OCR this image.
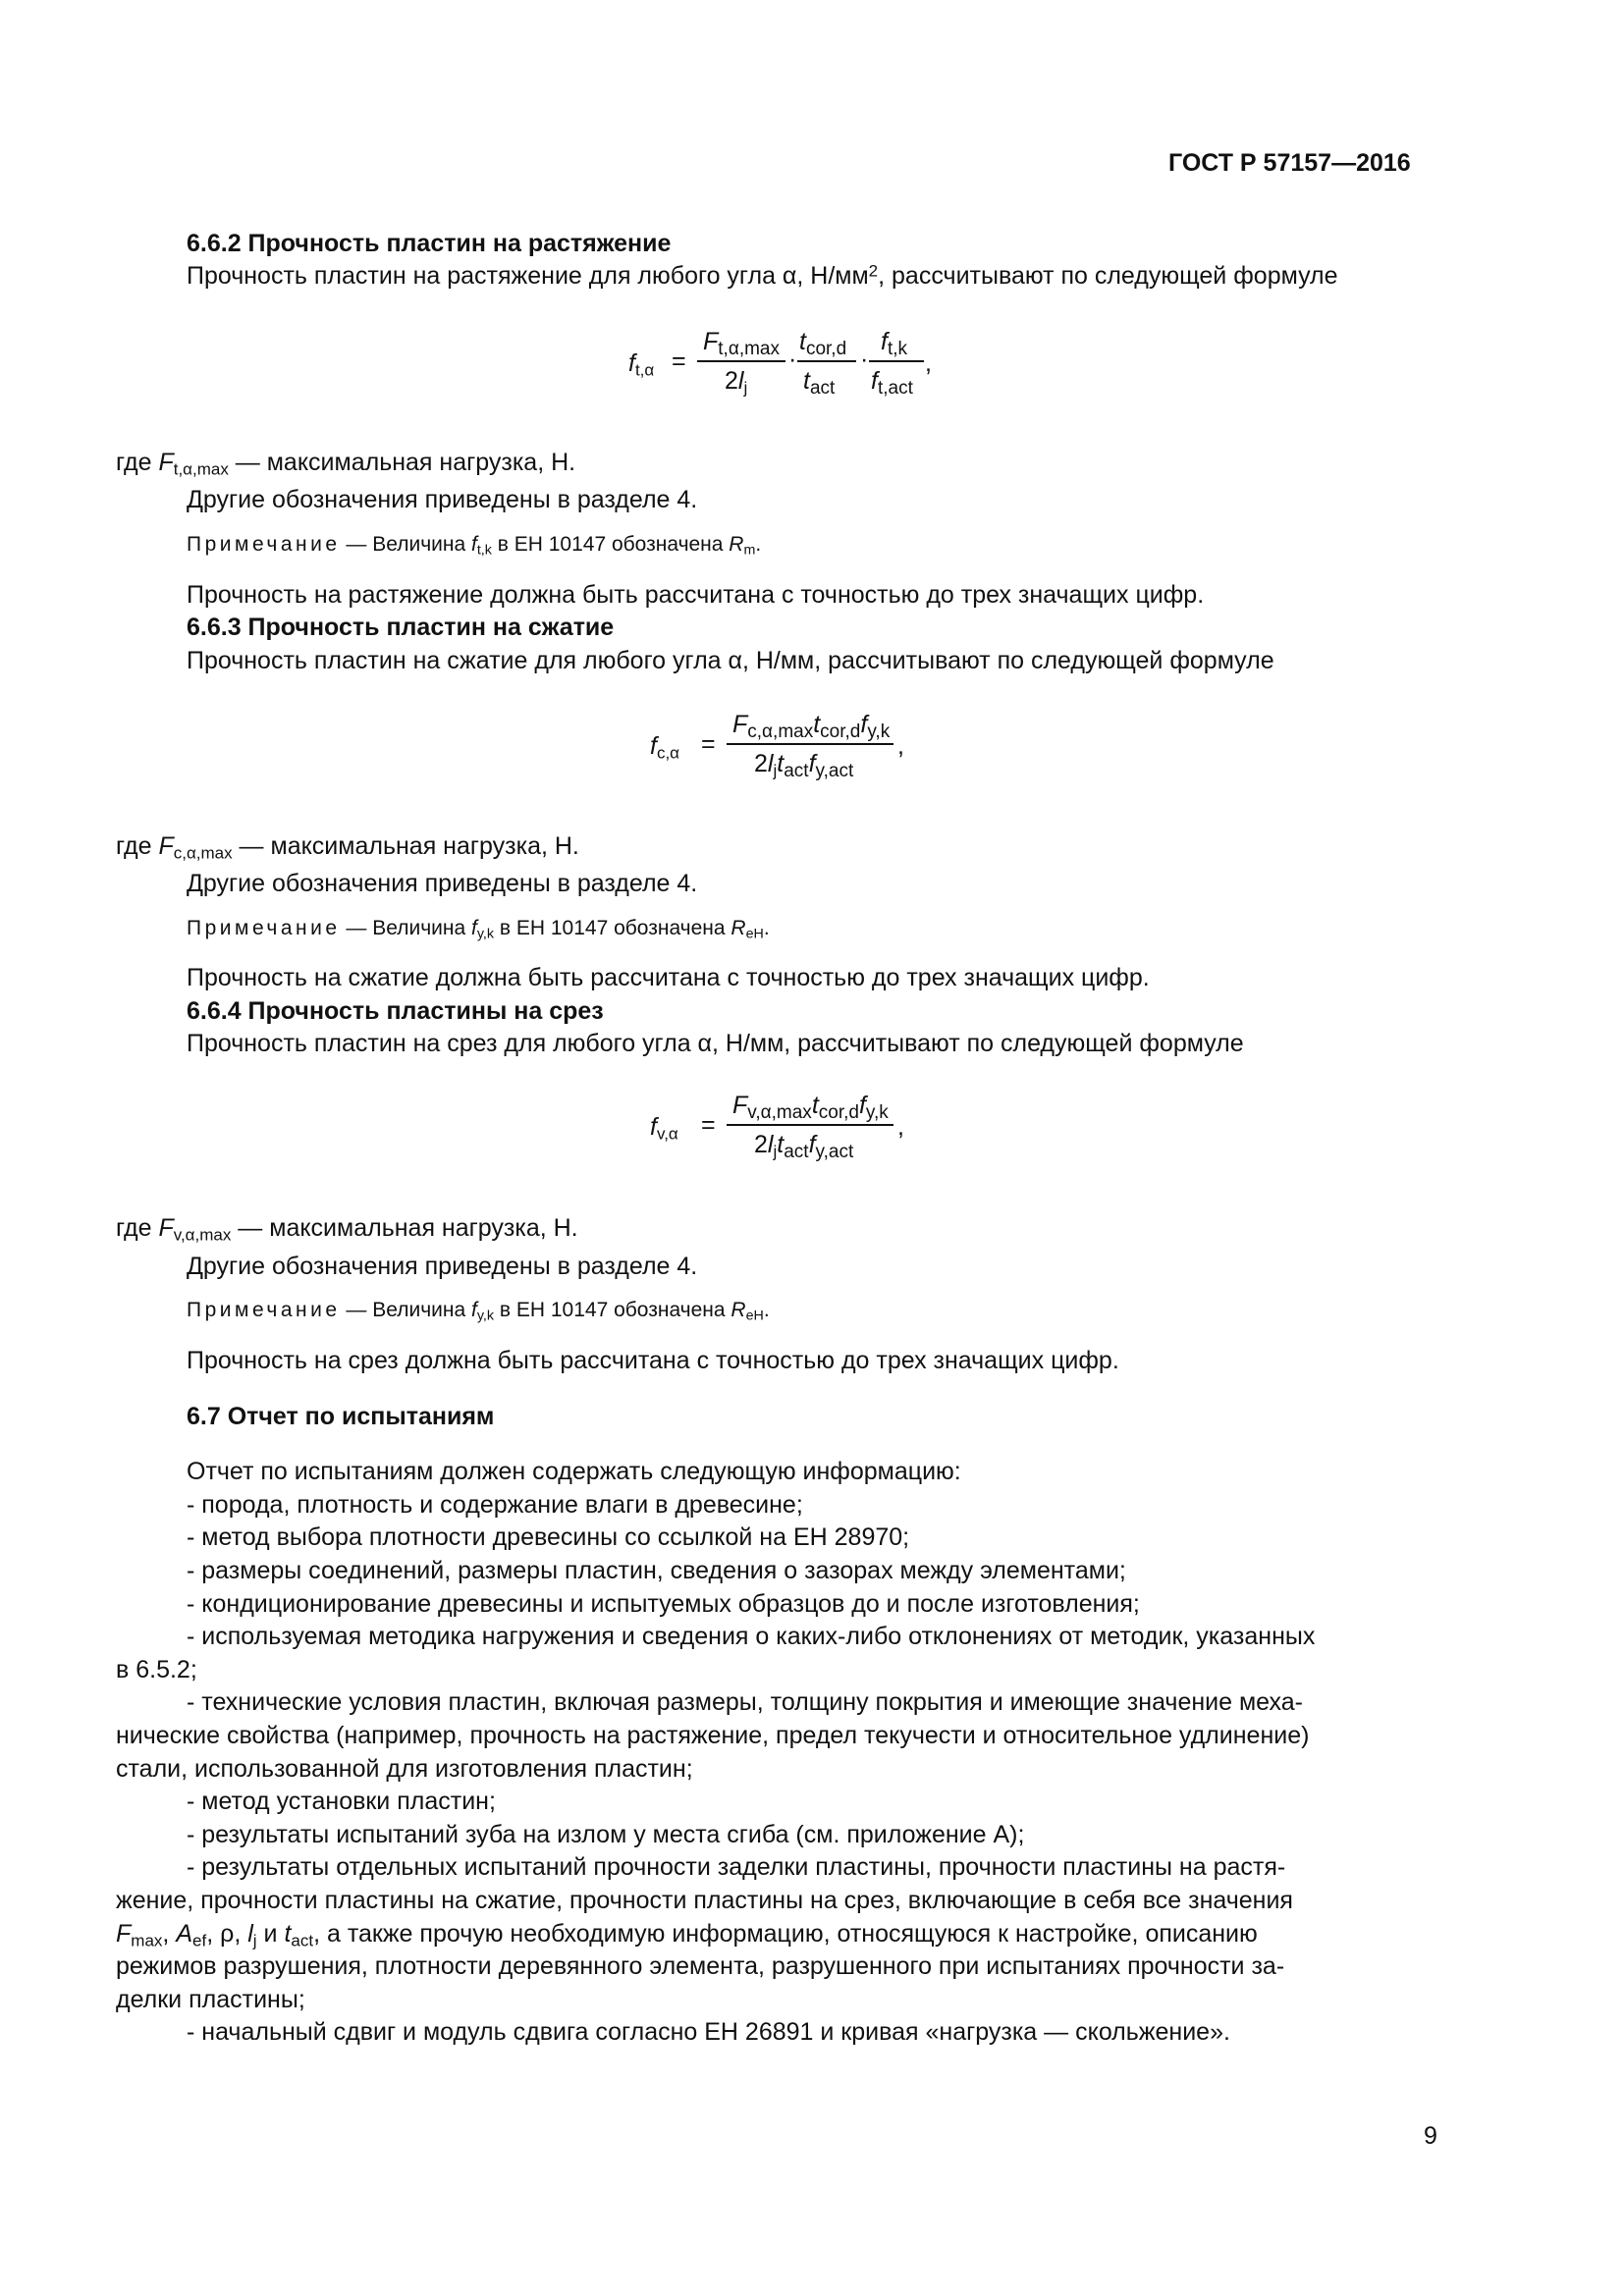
ГОСТ Р 57157—2016
6.6.2 Прочность пластин на растяжение
Прочность пластин на растяжение для любого угла α, $Н/мм^2$, рассчитывают по следующей формуле
$f_{t,\alpha}$ =
$F_{t,\alpha,max}$
$2l_j$
·
$t_{cor,d}$
$t_{act}$
·
$f_{t,k}$
$f_{t,act}$
,
где $F_{t,\alpha,max}$ — максимальная нагрузка, Н.
Другие обозначения приведены в разделе 4.
Примечание — Величина $f_{t,k}$ в ЕН 10147 обозначена $R_m$.
Прочность на растяжение должна быть рассчитана с точностью до трех значащих цифр.
6.6.3 Прочность пластин на сжатие
Прочность пластин на сжатие для любого угла α, Н/мм, рассчитывают по следующей формуле
$f_{c,\alpha}$ =
$F_{c,\alpha,max}t_{cor,d}f_{y,k}$
$2l_jt_{act}f_{y,act}$
,
где $F_{c,\alpha,max}$ — максимальная нагрузка, Н.
Другие обозначения приведены в разделе 4.
Примечание — Величина $f_{y,k}$ в ЕН 10147 обозначена $R_{eH}$.
Прочность на сжатие должна быть рассчитана с точностью до трех значащих цифр.
6.6.4 Прочность пластины на срез
Прочность пластин на срез для любого угла α, Н/мм, рассчитывают по следующей формуле
$f_{v,\alpha}$ =
$F_{v,\alpha,max}t_{cor,d}f_{y,k}$
$2l_jt_{act}f_{y,act}$
,
где $F_{v,\alpha,max}$ — максимальная нагрузка, Н.
Другие обозначения приведены в разделе 4.
Примечание — Величина $f_{y,k}$ в ЕН 10147 обозначена $R_{eH}$.
Прочность на срез должна быть рассчитана с точностью до трех значащих цифр.
6.7 Отчет по испытаниям
Отчет по испытаниям должен содержать следующую информацию:
- порода, плотность и содержание влаги в древесине;
- метод выбора плотности древесины со ссылкой на ЕН 28970;
- размеры соединений, размеры пластин, сведения о зазорах между элементами;
- кондиционирование древесины и испытуемых образцов до и после изготовления;
- используемая методика нагружения и сведения о каких-либо отклонениях от методик, указанных
в 6.5.2;
- технические условия пластин, включая размеры, толщину покрытия и имеющие значение меха-
нические свойства (например, прочность на растяжение, предел текучести и относительное удлинение)
стали, использованной для изготовления пластин;
- метод установки пластин;
- результаты испытаний зуба на излом у места сгиба (см. приложение А);
- результаты отдельных испытаний прочности заделки пластины, прочности пластины на растя-
жение, прочности пластины на сжатие, прочности пластины на срез, включающие в себя все значения
$F_{max}$, $A_{ef}$, ρ, $l_j$ и $t_{act}$, а также прочую необходимую информацию, относящуюся к настройке, описанию
режимов разрушения, плотности деревянного элемента, разрушенного при испытаниях прочности за-
делки пластины;
- начальный сдвиг и модуль сдвига согласно ЕН 26891 и кривая «нагрузка — скольжение».
9
